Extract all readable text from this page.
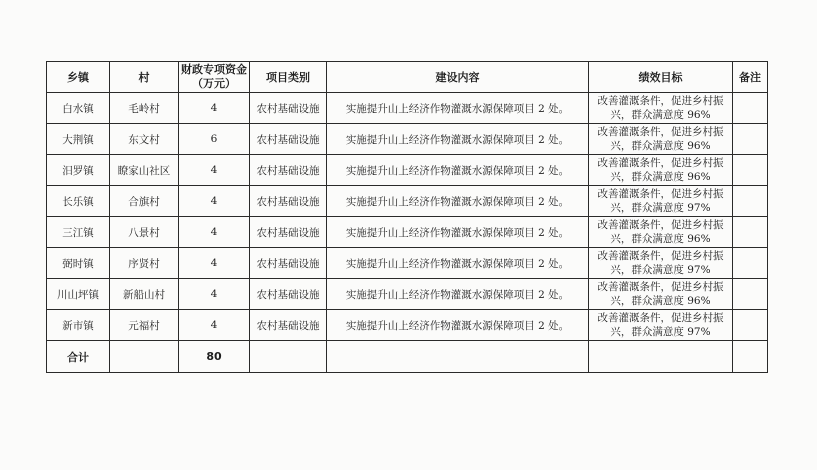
乡镇	村	财政专项资金（万元）	项目类别	建设内容	绩效目标	备注
白水镇	毛岭村	4	农村基础设施	实施提升山上经济作物灌溉水源保障项目 2 处。	改善灌溉条件，促进乡村振兴，群众满意度 96%	
大荆镇	东文村	6	农村基础设施	实施提升山上经济作物灌溉水源保障项目 2 处。	改善灌溉条件，促进乡村振兴，群众满意度 96%	
汨罗镇	瞭家山社区	4	农村基础设施	实施提升山上经济作物灌溉水源保障项目 2 处。	改善灌溉条件，促进乡村振兴，群众满意度 96%	
长乐镇	合旗村	4	农村基础设施	实施提升山上经济作物灌溉水源保障项目 2 处。	改善灌溉条件，促进乡村振兴，群众满意度 97%	
三江镇	八景村	4	农村基础设施	实施提升山上经济作物灌溉水源保障项目 2 处。	改善灌溉条件，促进乡村振兴，群众满意度 96%	
弼时镇	序贤村	4	农村基础设施	实施提升山上经济作物灌溉水源保障项目 2 处。	改善灌溉条件，促进乡村振兴，群众满意度 97%	
川山坪镇	新船山村	4	农村基础设施	实施提升山上经济作物灌溉水源保障项目 2 处。	改善灌溉条件，促进乡村振兴，群众满意度 96%	
新市镇	元福村	4	农村基础设施	实施提升山上经济作物灌溉水源保障项目 2 处。	改善灌溉条件，促进乡村振兴，群众满意度 97%	
合计		80				
